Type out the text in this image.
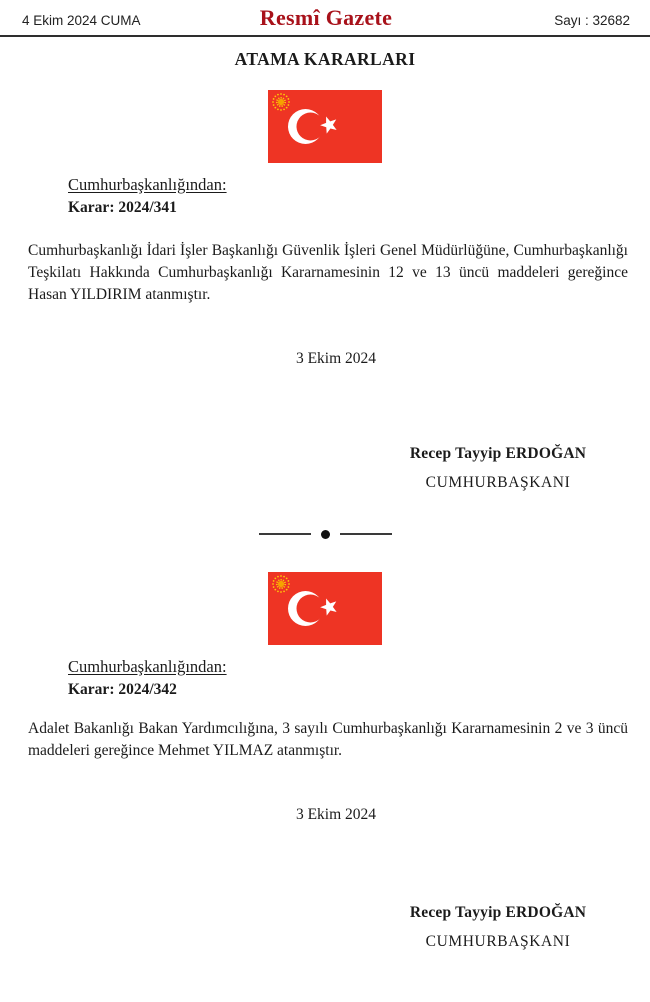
4 Ekim 2024 CUMA	Resmî Gazete	Sayı : 32682
ATAMA KARARLARI
Cumhurbaşkanlığından:
Karar: 2024/341

Cumhurbaşkanlığı İdari İşler Başkanlığı Güvenlik İşleri Genel Müdürlüğüne, Cumhurbaşkanlığı Teşkilatı Hakkında Cumhurbaşkanlığı Kararnamesinin 12 ve 13 üncü maddeleri gereğince Hasan YILDIRIM atanmıştır.

3 Ekim 2024
Recep Tayyip ERDOĞAN
CUMHURBAŞKANI
Cumhurbaşkanlığından:
Karar: 2024/342

Adalet Bakanlığı Bakan Yardımcılığına, 3 sayılı Cumhurbaşkanlığı Kararnamesinin 2 ve 3 üncü maddeleri gereğince Mehmet YILMAZ atanmıştır.

3 Ekim 2024
Recep Tayyip ERDOĞAN
CUMHURBAŞKANI
